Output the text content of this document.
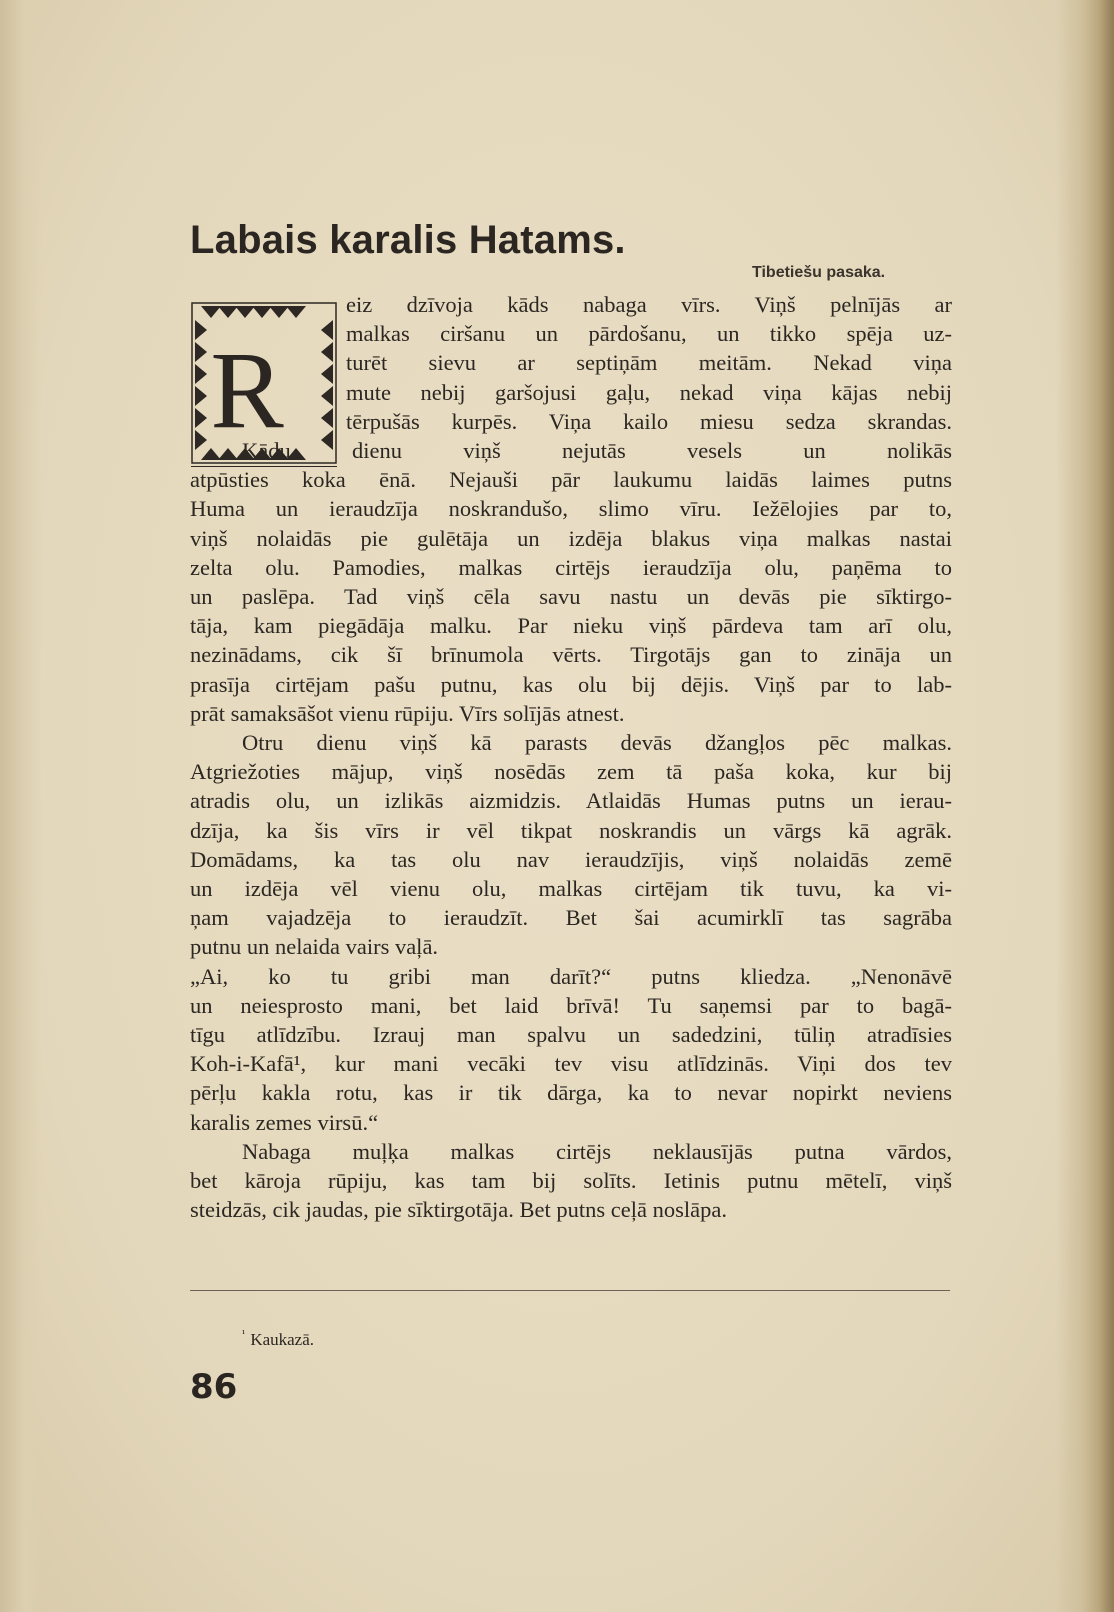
Labais karalis Hatams.
Tibetiešu pasaka.
R
eiz dzīvoja kāds nabaga vīrs. Viņš pelnījās ar
malkas ciršanu un pārdošanu, un tikko spēja uz-
turēt sievu ar septiņām meitām. Nekad viņa
mute nebij garšojusi gaļu, nekad viņa kājas nebij
tērpušās kurpēs. Viņa kailo miesu sedza skrandas.
Kādu dienu viņš nejutās vesels un nolikās
atpūsties koka ēnā. Nejauši pār laukumu laidās laimes putns
Huma un ieraudzīja noskrandušo, slimo vīru. Iežēlojies par to,
viņš nolaidās pie gulētāja un izdēja blakus viņa malkas nastai
zelta olu. Pamodies, malkas cirtējs ieraudzīja olu, paņēma to
un paslēpa. Tad viņš cēla savu nastu un devās pie sīktirgo-
tāja, kam piegādāja malku. Par nieku viņš pārdeva tam arī olu,
nezinādams, cik šī brīnumola vērts. Tirgotājs gan to zināja un
prasīja cirtējam pašu putnu, kas olu bij dējis. Viņš par to lab-
prāt samaksāšot vienu rūpiju. Vīrs solījās atnest.
Otru dienu viņš kā parasts devās džangļos pēc malkas.
Atgriežoties mājup, viņš nosēdās zem tā paša koka, kur bij
atradis olu, un izlikās aizmidzis. Atlaidās Humas putns un ierau-
dzīja, ka šis vīrs ir vēl tikpat noskrandis un vārgs kā agrāk.
Domādams, ka tas olu nav ieraudzījis, viņš nolaidās zemē
un izdēja vēl vienu olu, malkas cirtējam tik tuvu, ka vi-
ņam vajadzēja to ieraudzīt. Bet šai acumirklī tas sagrāba
putnu un nelaida vairs vaļā.
„Ai, ko tu gribi man darīt?“ putns kliedza. „Nenonāvē
un neiesprosto mani, bet laid brīvā! Tu saņemsi par to bagā-
tīgu atlīdzību. Izrauj man spalvu un sadedzini, tūliņ atradīsies
Koh-i-Kafā¹, kur mani vecāki tev visu atlīdzinās. Viņi dos tev
pērļu kakla rotu, kas ir tik dārga, ka to nevar nopirkt neviens
karalis zemes virsū.“
Nabaga muļķa malkas cirtējs neklausījās putna vārdos,
bet kāroja rūpiju, kas tam bij solīts. Ietinis putnu mētelī, viņš
steidzās, cik jaudas, pie sīktirgotāja. Bet putns ceļā noslāpa.
$^{^1}$ Kaukazā.
86
